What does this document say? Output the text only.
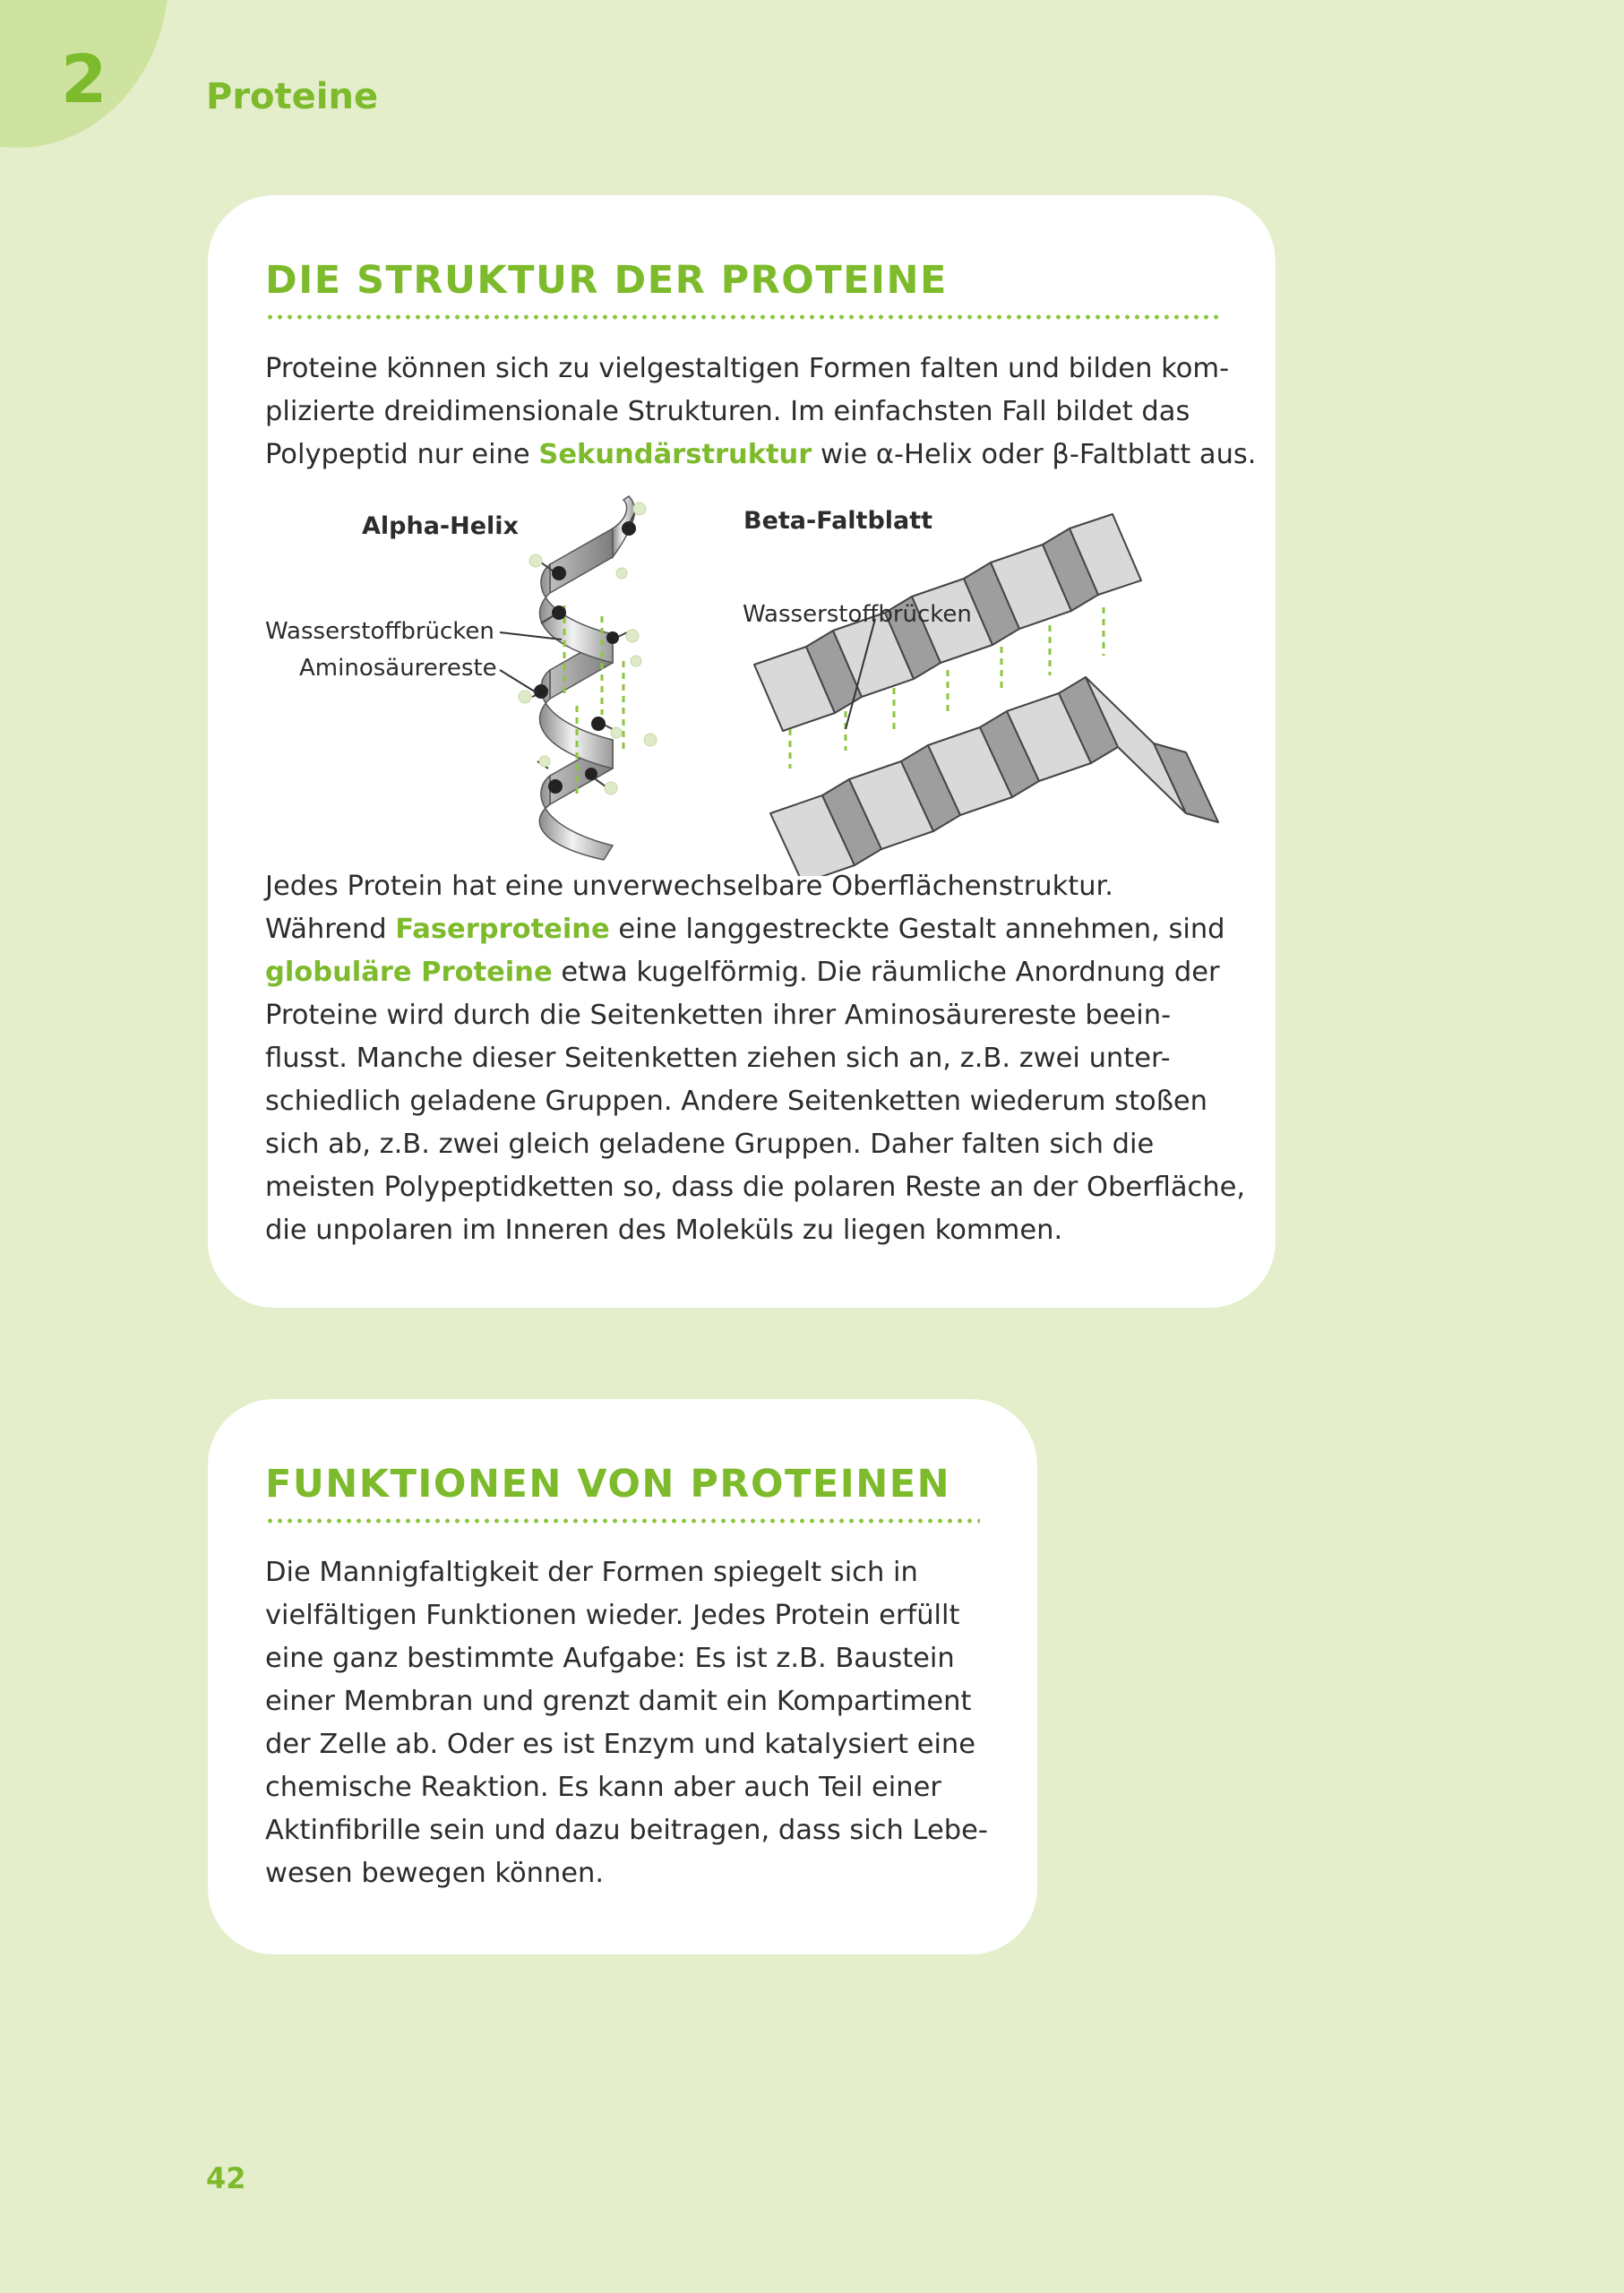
2	Proteine
DIE STRUKTUR DER PROTEINE

Proteine können sich zu vielgestaltigen Formen falten und bilden kom-
plizierte dreidimensionale Strukturen. Im einfachsten Fall bildet das
Polypeptid nur eine Sekundärstruktur wie α-Helix oder β-Faltblatt aus.

Alpha-Helix	Beta-Faltblatt
Wasserstoffbrücken
Aminosäurereste
Wasserstoffbrücken

Jedes Protein hat eine unverwechselbare Oberflächenstruktur.
Während Faserproteine eine langgestreckte Gestalt annehmen, sind
globuläre Proteine etwa kugelförmig. Die räumliche Anordnung der
Proteine wird durch die Seitenketten ihrer Aminosäurereste beein-
flusst. Manche dieser Seitenketten ziehen sich an, z.B. zwei unter-
schiedlich geladene Gruppen. Andere Seitenketten wiederum stoßen
sich ab, z.B. zwei gleich geladene Gruppen. Daher falten sich die
meisten Polypeptidketten so, dass die polaren Reste an der Oberfläche,
die unpolaren im Inneren des Moleküls zu liegen kommen.

FUNKTIONEN VON PROTEINEN

Die Mannigfaltigkeit der Formen spiegelt sich in
vielfältigen Funktionen wieder. Jedes Protein erfüllt
eine ganz bestimmte Aufgabe: Es ist z.B. Baustein
einer Membran und grenzt damit ein Kompartiment
der Zelle ab. Oder es ist Enzym und katalysiert eine
chemische Reaktion. Es kann aber auch Teil einer
Aktinfibrille sein und dazu beitragen, dass sich Lebe-
wesen bewegen können.

42
